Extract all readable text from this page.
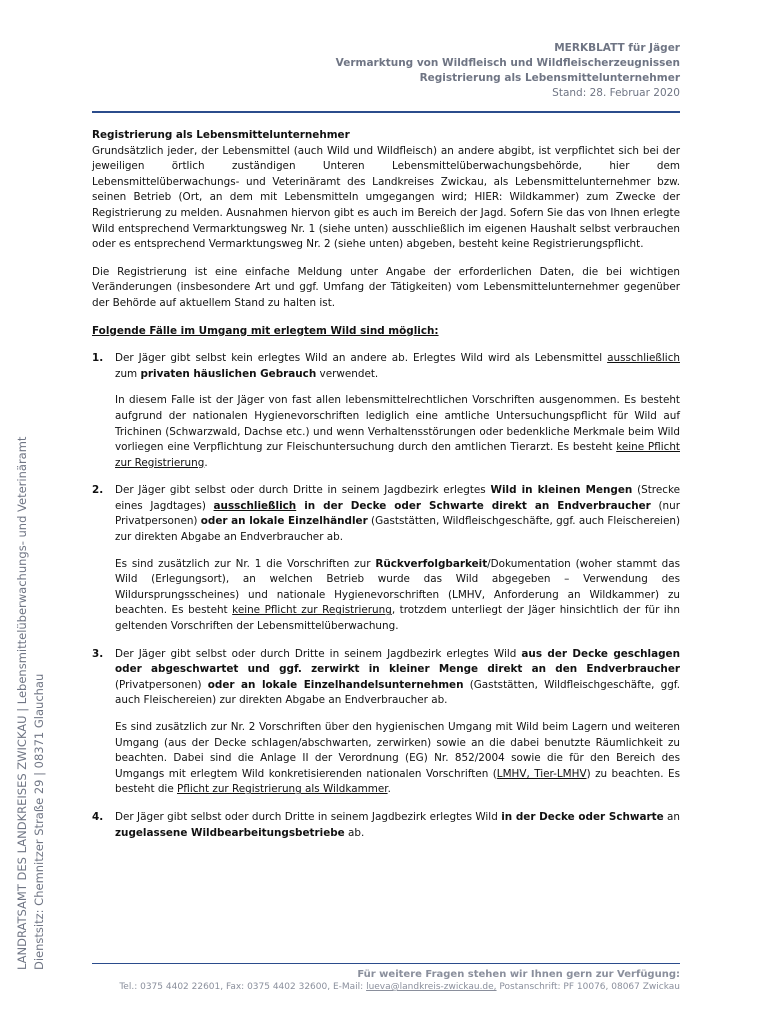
MERKBLATT für Jäger
Vermarktung von Wildfleisch und Wildfleischerzeugnissen
Registrierung als Lebensmittelunternehmer
Stand: 28. Februar 2020
LANDRATSAMT DES LANDKREISES ZWICKAU | Lebensmittelüberwachungs- und Veterinäramt Dienstsitz: Chemnitzer Straße 29 | 08371 Glauchau

Registrierung als Lebensmittelunternehmer

Grundsätzlich jeder, der Lebensmittel (auch Wild und Wildfleisch) an andere abgibt, ist verpflichtet sich bei der jeweiligen örtlich zuständigen Unteren Lebensmittelüberwachungsbehörde, hier dem Lebensmittelüberwachungs- und Veterinäramt des Landkreises Zwickau, als Lebensmittelunternehmer bzw. seinen Betrieb (Ort, an dem mit Lebensmitteln umgegangen wird; HIER: Wildkammer) zum Zwecke der Registrierung zu melden. Ausnahmen hiervon gibt es auch im Bereich der Jagd. Sofern Sie das von Ihnen erlegte Wild entsprechend Vermarktungsweg Nr. 1 (siehe unten) ausschließlich im eigenen Haushalt selbst verbrauchen oder es entsprechend Vermarktungsweg Nr. 2 (siehe unten) abgeben, besteht keine Registrierungspflicht.

Die Registrierung ist eine einfache Meldung unter Angabe der erforderlichen Daten, die bei wichtigen Veränderungen (insbesondere Art und ggf. Umfang der Tätigkeiten) vom Lebensmittelunternehmer gegenüber der Behörde auf aktuellem Stand zu halten ist.

Folgende Fälle im Umgang mit erlegtem Wild sind möglich:

1. Der Jäger gibt selbst kein erlegtes Wild an andere ab. Erlegtes Wild wird als Lebensmittel ausschließlich zum privaten häuslichen Gebrauch verwendet.

In diesem Falle ist der Jäger von fast allen lebensmittelrechtlichen Vorschriften ausgenommen. Es besteht aufgrund der nationalen Hygienevorschriften lediglich eine amtliche Untersuchungspflicht für Wild auf Trichinen (Schwarzwald, Dachse etc.) und wenn Verhaltensstörungen oder bedenkliche Merkmale beim Wild vorliegen eine Verpflichtung zur Fleischuntersuchung durch den amtlichen Tierarzt. Es besteht keine Pflicht zur Registrierung.

2. Der Jäger gibt selbst oder durch Dritte in seinem Jagdbezirk erlegtes Wild in kleinen Mengen (Strecke eines Jagdtages) ausschließlich in der Decke oder Schwarte direkt an Endverbraucher (nur Privatpersonen) oder an lokale Einzelhändler (Gaststätten, Wildfleischgeschäfte, ggf. auch Fleischereien) zur direkten Abgabe an Endverbraucher ab.

Es sind zusätzlich zur Nr. 1 die Vorschriften zur Rückverfolgbarkeit/Dokumentation (woher stammt das Wild (Erlegungsort), an welchen Betrieb wurde das Wild abgegeben – Verwendung des Wildursprungsscheines) und nationale Hygienevorschriften (LMHV, Anforderung an Wildkammer) zu beachten. Es besteht keine Pflicht zur Registrierung, trotzdem unterliegt der Jäger hinsichtlich der für ihn geltenden Vorschriften der Lebensmittelüberwachung.

3. Der Jäger gibt selbst oder durch Dritte in seinem Jagdbezirk erlegtes Wild aus der Decke geschlagen oder abgeschwartet und ggf. zerwirkt in kleiner Menge direkt an den Endverbraucher (Privatpersonen) oder an lokale Einzelhandelsunternehmen (Gaststätten, Wildfleischgeschäfte, ggf. auch Fleischereien) zur direkten Abgabe an Endverbraucher ab.

Es sind zusätzlich zur Nr. 2 Vorschriften über den hygienischen Umgang mit Wild beim Lagern und weiteren Umgang (aus der Decke schlagen/abschwarten, zerwirken) sowie an die dabei benutzte Räumlichkeit zu beachten. Dabei sind die Anlage II der Verordnung (EG) Nr. 852/2004 sowie die für den Bereich des Umgangs mit erlegtem Wild konkretisierenden nationalen Vorschriften (LMHV, Tier-LMHV) zu beachten. Es besteht die Pflicht zur Registrierung als Wildkammer.

4. Der Jäger gibt selbst oder durch Dritte in seinem Jagdbezirk erlegtes Wild in der Decke oder Schwarte an zugelassene Wildbearbeitungsbetriebe ab.

Für weitere Fragen stehen wir Ihnen gern zur Verfügung:
Tel.: 0375 4402 22601, Fax: 0375 4402 32600, E-Mail: lueva@landkreis-zwickau.de, Postanschrift: PF 10076, 08067 Zwickau
